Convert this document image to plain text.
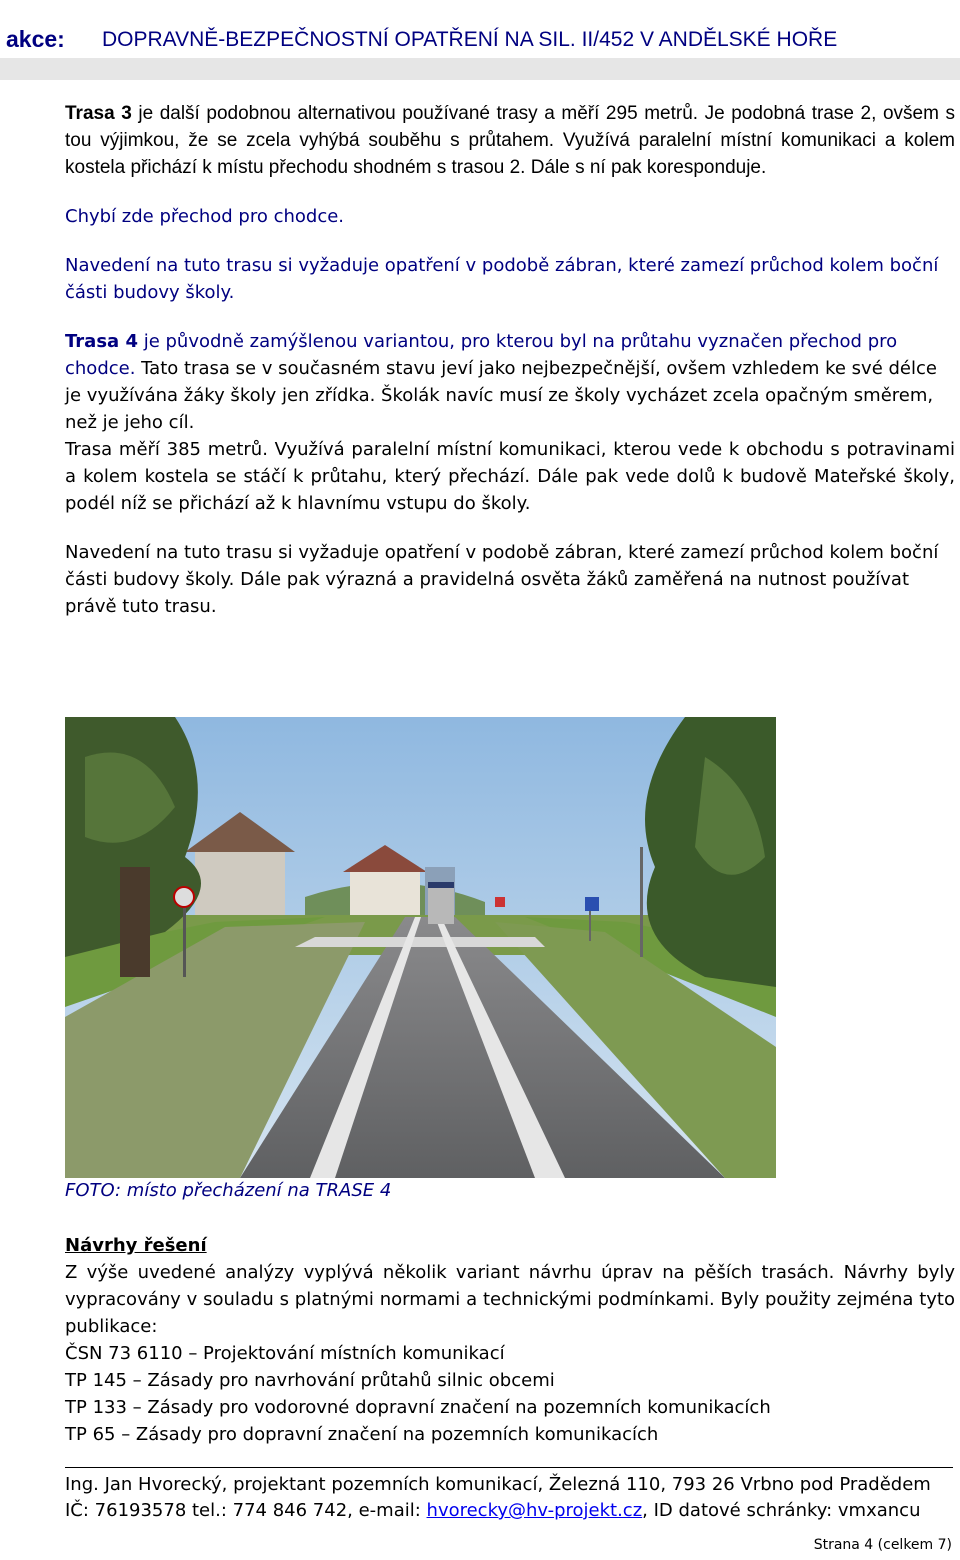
akce: DOPRAVNĚ-BEZPEČNOSTNÍ OPATŘENÍ NA SIL. II/452 V ANDĚLSKÉ HOŘE

Trasa 3 je další podobnou alternativou používané trasy a měří 295 metrů. Je podobná trase 2, ovšem s tou výjimkou, že se zcela vyhýbá souběhu s průtahem. Využívá paralelní místní komunikaci a kolem kostela přichází k místu přechodu shodném s trasou 2. Dále s ní pak koresponduje.

Chybí zde přechod pro chodce.

Navedení na tuto trasu si vyžaduje opatření v podobě zábran, které zamezí průchod kolem boční části budovy školy.

Trasa 4 je původně zamýšlenou variantou, pro kterou byl na průtahu vyznačen přechod pro chodce. Tato trasa se v současném stavu jeví jako nejbezpečnější, ovšem vzhledem ke své délce je využívána žáky školy jen zřídka. Školák navíc musí ze školy vycházet zcela opačným směrem, než je jeho cíl.

Trasa měří 385 metrů. Využívá paralelní místní komunikaci, kterou vede k obchodu s potravinami a kolem kostela se stáčí k průtahu, který přechází. Dále pak vede dolů k budově Mateřské školy, podél níž se přichází až k hlavnímu vstupu do školy.

Navedení na tuto trasu si vyžaduje opatření v podobě zábran, které zamezí průchod kolem boční části budovy školy. Dále pak výrazná a pravidelná osvěta žáků zaměřená na nutnost používat právě tuto trasu.

FOTO: místo přecházení na TRASE 4
Návrhy řešení

Z výše uvedené analýzy vyplývá několik variant návrhu úprav na pěších trasách. Návrhy byly vypracovány v souladu s platnými normami a technickými podmínkami. Byly použity zejména tyto publikace:

ČSN 73 6110 – Projektování místních komunikací
TP 145 – Zásady pro navrhování průtahů silnic obcemi
TP 133 – Zásady pro vodorovné dopravní značení na pozemních komunikacích
TP 65 – Zásady pro dopravní značení na pozemních komunikacích
Ing. Jan Hvorecký, projektant pozemních komunikací, Železná 110, 793 26 Vrbno pod Pradědem
IČ: 76193578 tel.: 774 846 742, e-mail: hvorecky@hv-projekt.cz, ID datové schránky: vmxancu
Strana 4 (celkem 7)
